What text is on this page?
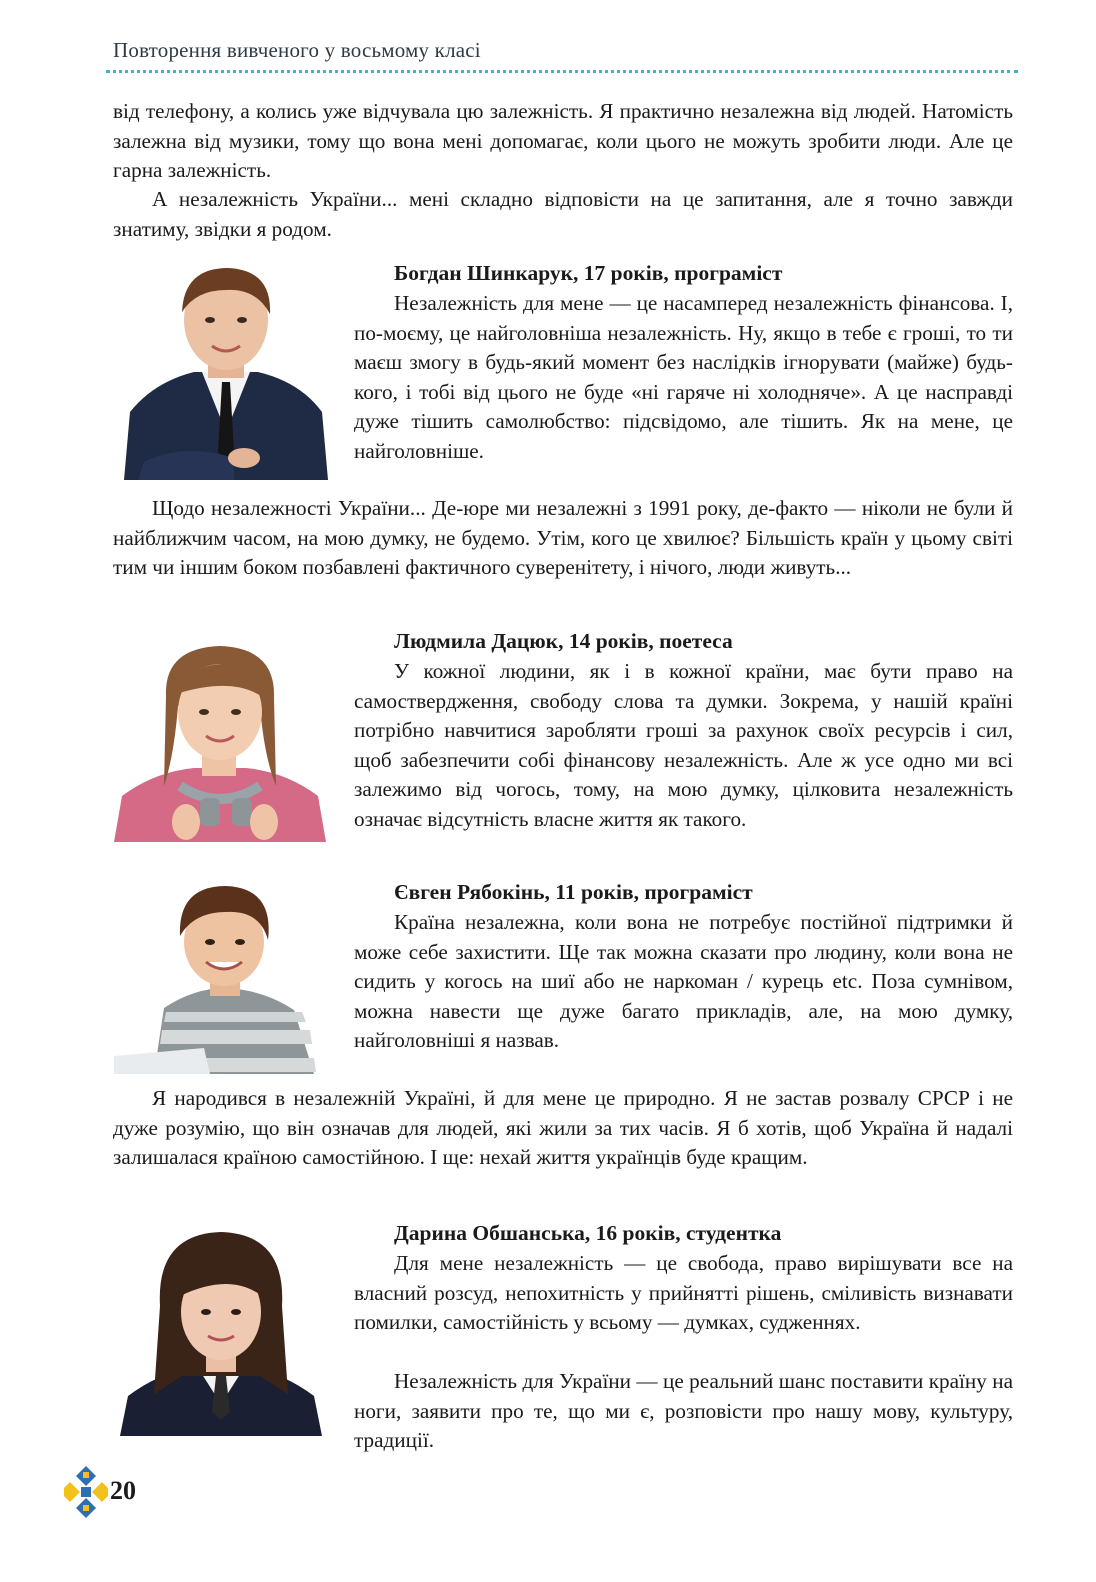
Повторення вивченого у восьмому класі

від телефону, а колись уже відчувала цю залежність. Я практично незалежна від людей. Натомість залежна від музики, тому що вона мені допомагає, коли цього не можуть зробити люди. Але це гарна залежність.

А незалежність України... мені складно відповісти на це запитання, але я точно завжди знатиму, звідки я родом.

Богдан Шинкарук, 17 років, програміст

Незалежність для мене — це насамперед незалежність фінансова. І, по-моєму, це найголовніша незалежність. Ну, якщо в тебе є гроші, то ти маєш змогу в будь-який момент без наслідків ігнорувати (майже) будь-кого, і тобі від цього не буде «ні гаряче ні холодняче». А це насправді дуже тішить самолюбство: підсвідомо, але тішить. Як на мене, це найголовніше.

Щодо незалежності України... Де-юре ми незалежні з 1991 року, де-факто — ніколи не були й найближчим часом, на мою думку, не будемо. Утім, кого це хвилює? Більшість країн у цьому світі тим чи іншим боком позбавлені фактичного суверенітету, і нічого, люди живуть...

Людмила Дацюк, 14 років, поетеса

У кожної людини, як і в кожної країни, має бути право на самоствердження, свободу слова та думки. Зокрема, у нашій країні потрібно навчитися заробляти гроші за рахунок своїх ресурсів і сил, щоб забезпечити собі фінансову незалежність. Але ж усе одно ми всі залежимо від чогось, тому, на мою думку, цілковита незалежність означає відсутність власне життя як такого.

Євген Рябокінь, 11 років, програміст

Країна незалежна, коли вона не потребує постійної підтримки й може себе захистити. Ще так можна сказати про людину, коли вона не сидить у когось на шиї або не наркоман / курець etc. Поза сумнівом, можна навести ще дуже багато прикладів, але, на мою думку, найголовніші я назвав.

Я народився в незалежній Україні, й для мене це природно. Я не застав розвалу СРСР і не дуже розумію, що він означав для людей, які жили за тих часів. Я б хотів, щоб Україна й надалі залишалася країною самостійною. І ще: нехай життя українців буде кращим.

Дарина Обшанська, 16 років, студентка

Для мене незалежність — це свобода, право вирішувати все на власний розсуд, непохитність у прийнятті рішень, сміливість визнавати помилки, самостійність у всьому — думках, судженнях.

Незалежність для України — це реальний шанс поставити країну на ноги, заявити про те, що ми є, розповісти про нашу мову, культуру, традиції.

20
